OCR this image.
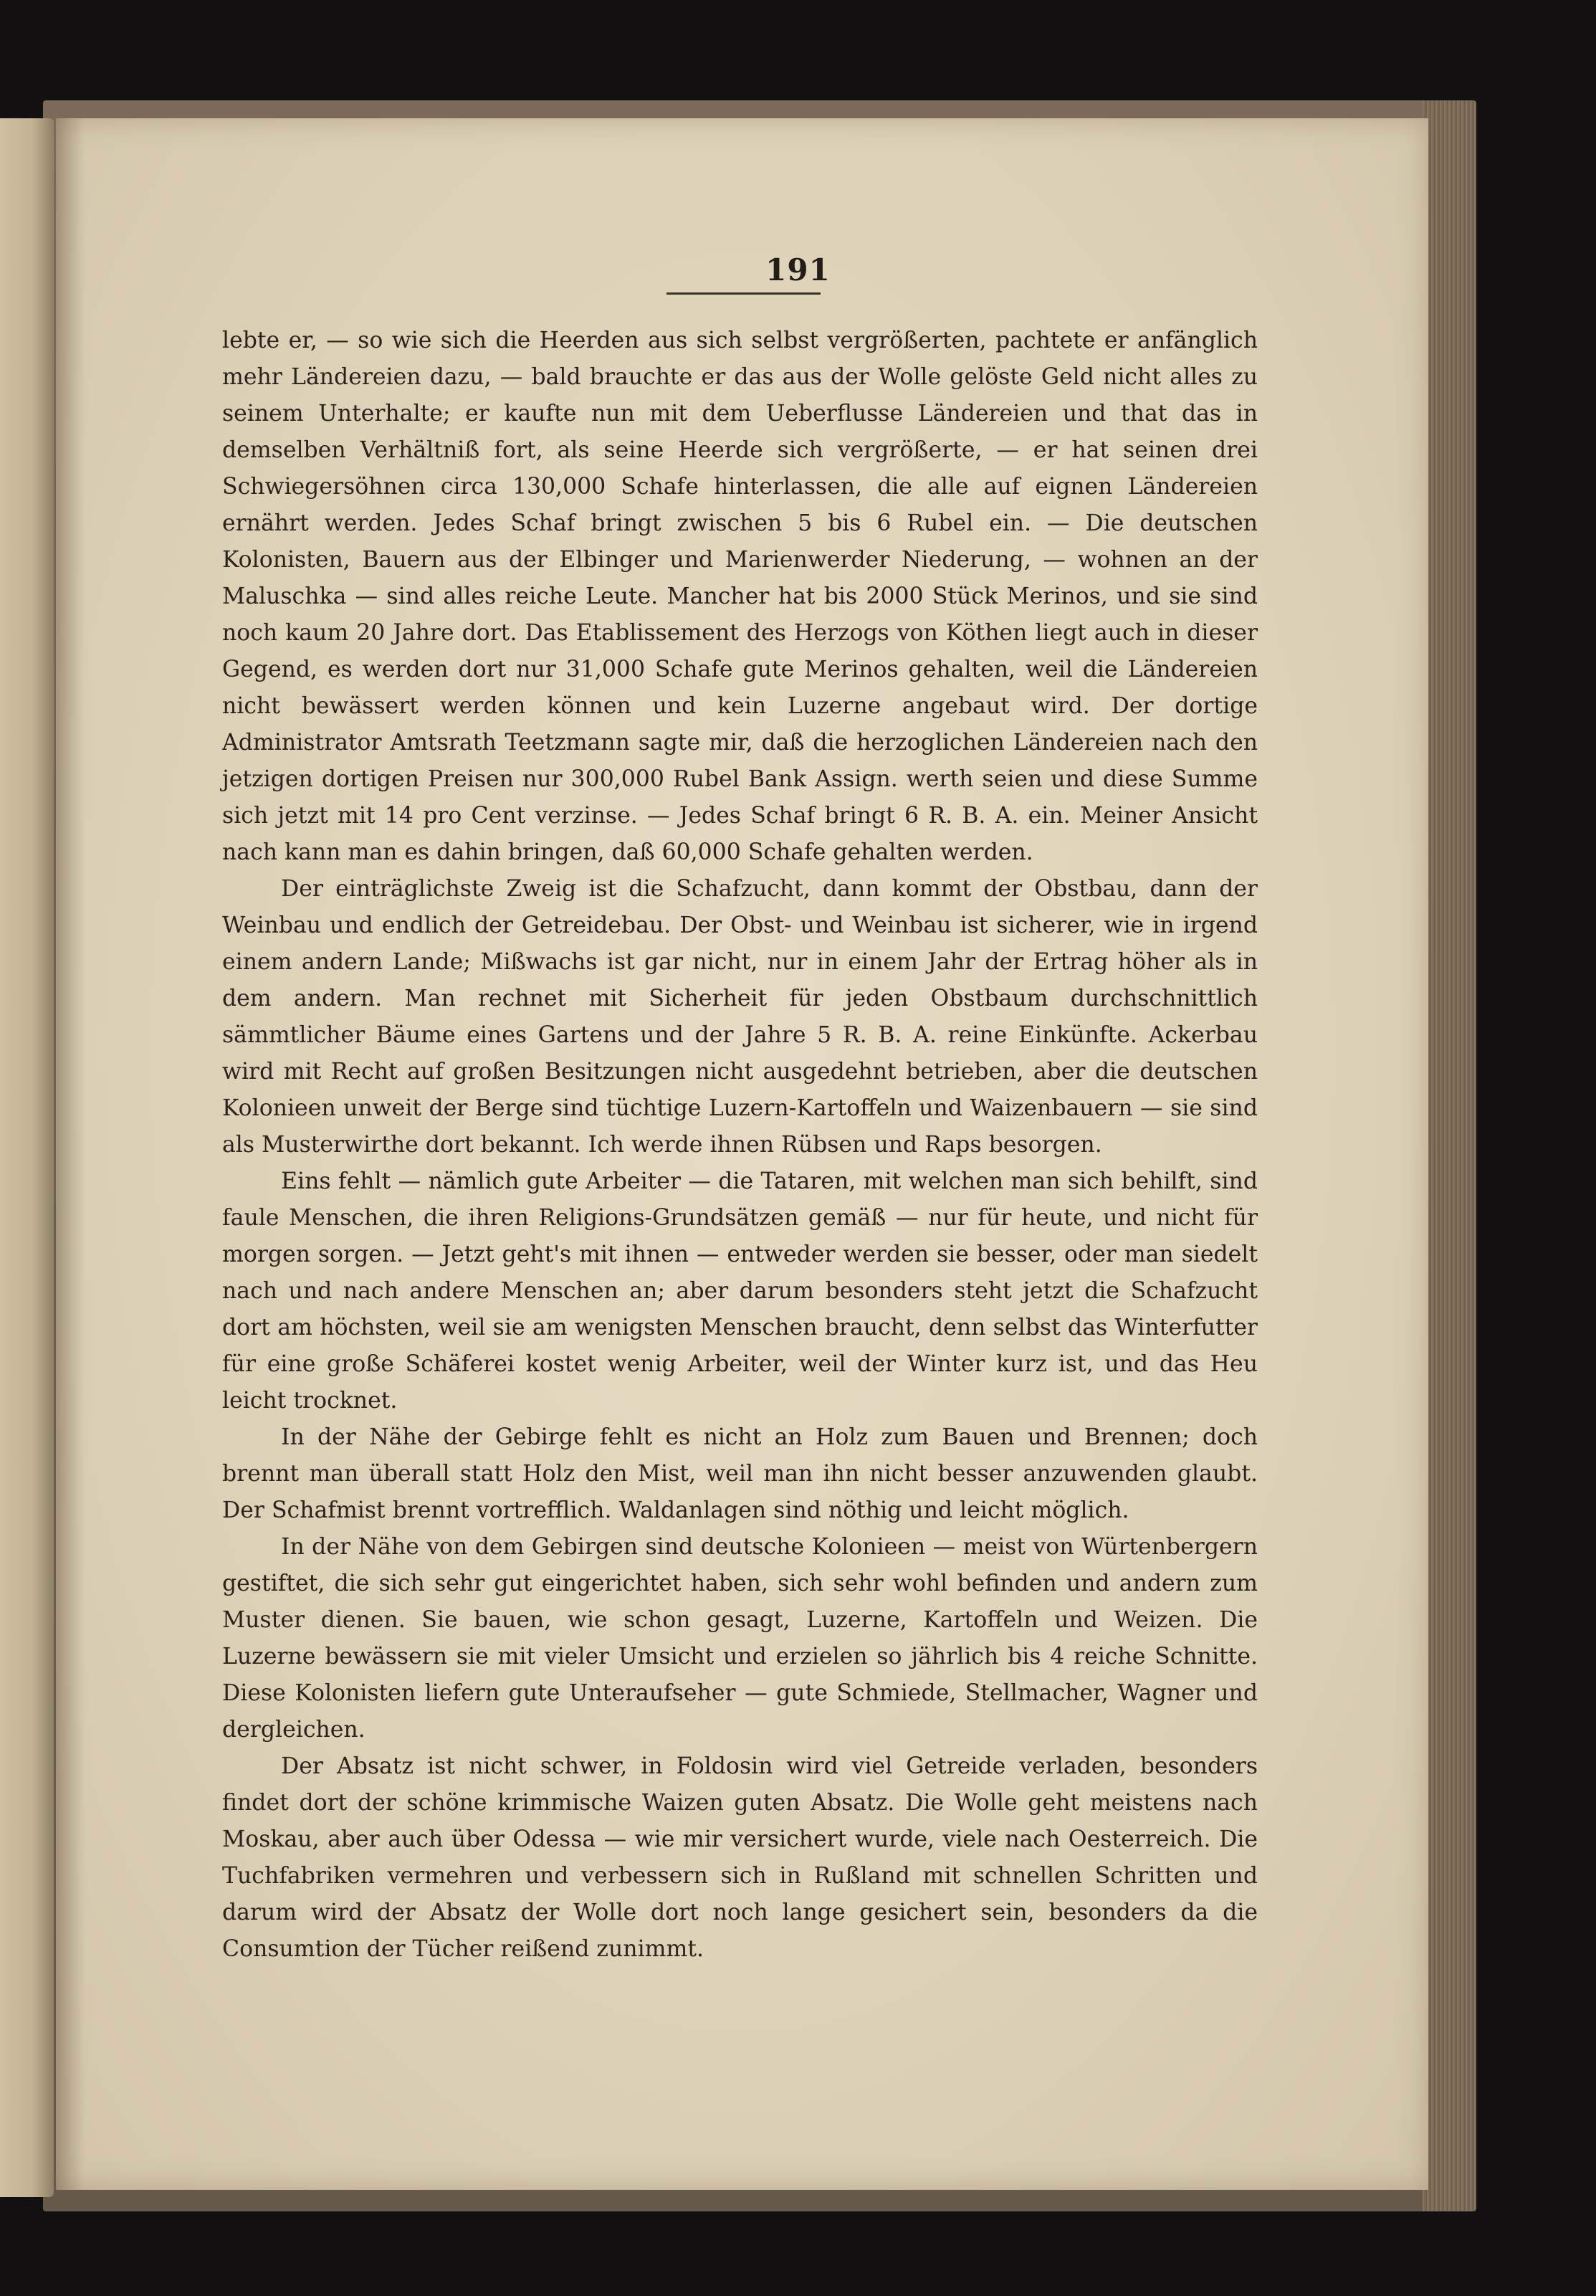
191

lebte er, — so wie sich die Heerden aus sich selbst vergrößerten, pachtete er anfänglich mehr Ländereien dazu, — bald brauchte er das aus der Wolle gelöste Geld nicht alles zu seinem Unterhalte; er kaufte nun mit dem Ueberflusse Ländereien und that das in demselben Verhältniß fort, als seine Heerde sich vergrößerte, — er hat seinen drei Schwiegersöhnen circa 130,000 Schafe hinterlassen, die alle auf eignen Ländereien ernährt werden. Jedes Schaf bringt zwischen 5 bis 6 Rubel ein. — Die deutschen Kolonisten, Bauern aus der Elbinger und Marienwerder Niederung, — wohnen an der Maluschka — sind alles reiche Leute. Mancher hat bis 2000 Stück Merinos, und sie sind noch kaum 20 Jahre dort. Das Etablissement des Herzogs von Köthen liegt auch in dieser Gegend, es werden dort nur 31,000 Schafe gute Merinos gehalten, weil die Ländereien nicht bewässert werden können und kein Luzerne angebaut wird. Der dortige Administrator Amtsrath Teetzmann sagte mir, daß die herzoglichen Ländereien nach den jetzigen dortigen Preisen nur 300,000 Rubel Bank Assign. werth seien und diese Summe sich jetzt mit 14 pro Cent verzinse. — Jedes Schaf bringt 6 R. B. A. ein. Meiner Ansicht nach kann man es dahin bringen, daß 60,000 Schafe gehalten werden.

Der einträglichste Zweig ist die Schafzucht, dann kommt der Obstbau, dann der Weinbau und endlich der Getreidebau. Der Obst- und Weinbau ist sicherer, wie in irgend einem andern Lande; Mißwachs ist gar nicht, nur in einem Jahr der Ertrag höher als in dem andern. Man rechnet mit Sicherheit für jeden Obstbaum durchschnittlich sämmtlicher Bäume eines Gartens und der Jahre 5 R. B. A. reine Einkünfte. Ackerbau wird mit Recht auf großen Besitzungen nicht ausgedehnt betrieben, aber die deutschen Kolonieen unweit der Berge sind tüchtige Luzern-Kartoffeln und Waizenbauern — sie sind als Musterwirthe dort bekannt. Ich werde ihnen Rübsen und Raps besorgen.

Eins fehlt — nämlich gute Arbeiter — die Tataren, mit welchen man sich behilft, sind faule Menschen, die ihren Religions-Grundsätzen gemäß — nur für heute, und nicht für morgen sorgen. — Jetzt geht's mit ihnen — entweder werden sie besser, oder man siedelt nach und nach andere Menschen an; aber darum besonders steht jetzt die Schafzucht dort am höchsten, weil sie am wenigsten Menschen braucht, denn selbst das Winterfutter für eine große Schäferei kostet wenig Arbeiter, weil der Winter kurz ist, und das Heu leicht trocknet.

In der Nähe der Gebirge fehlt es nicht an Holz zum Bauen und Brennen; doch brennt man überall statt Holz den Mist, weil man ihn nicht besser anzuwenden glaubt. Der Schafmist brennt vortrefflich. Waldanlagen sind nöthig und leicht möglich.

In der Nähe von dem Gebirgen sind deutsche Kolonieen — meist von Würtenbergern gestiftet, die sich sehr gut eingerichtet haben, sich sehr wohl befinden und andern zum Muster dienen. Sie bauen, wie schon gesagt, Luzerne, Kartoffeln und Weizen. Die Luzerne bewässern sie mit vieler Umsicht und erzielen so jährlich bis 4 reiche Schnitte. Diese Kolonisten liefern gute Unteraufseher — gute Schmiede, Stellmacher, Wagner und dergleichen.

Der Absatz ist nicht schwer, in Foldosin wird viel Getreide verladen, besonders findet dort der schöne krimmische Waizen guten Absatz. Die Wolle geht meistens nach Moskau, aber auch über Odessa — wie mir versichert wurde, viele nach Oesterreich. Die Tuchfabriken vermehren und verbessern sich in Rußland mit schnellen Schritten und darum wird der Absatz der Wolle dort noch lange gesichert sein, besonders da die Consumtion der Tücher reißend zunimmt.
